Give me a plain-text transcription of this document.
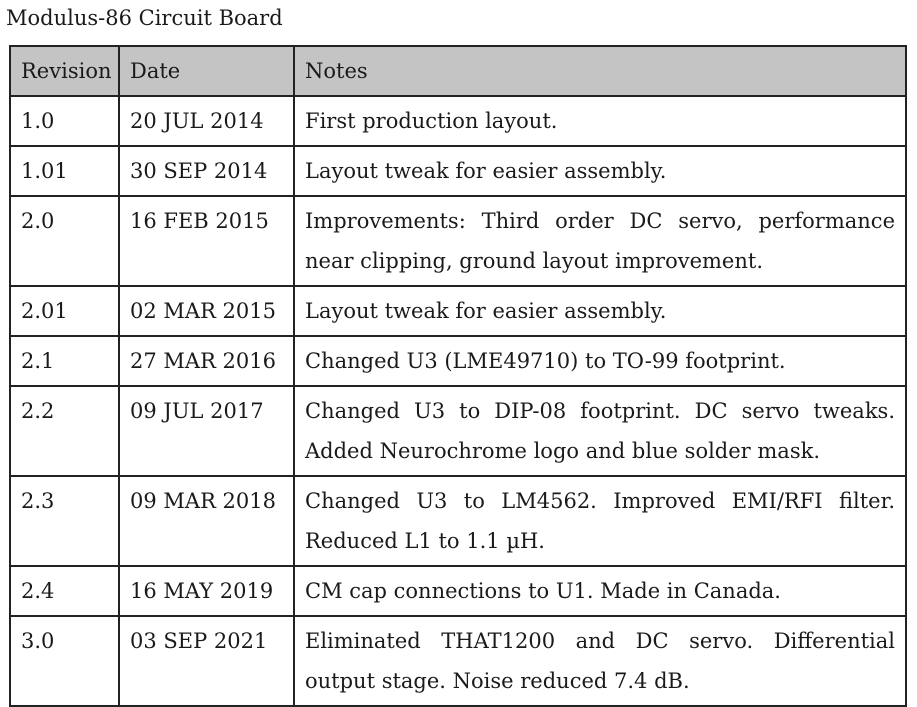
Modulus-86 Circuit Board
Revision	Date	Notes
1.0	20 JUL 2014	First production layout.
1.01	30 SEP 2014	Layout tweak for easier assembly.
2.0	16 FEB 2015	Improvements: Third order DC servo, performance near clipping, ground layout improvement.
2.01	02 MAR 2015	Layout tweak for easier assembly.
2.1	27 MAR 2016	Changed U3 (LME49710) to TO-99 footprint.
2.2	09 JUL 2017	Changed U3 to DIP-08 footprint. DC servo tweaks. Added Neurochrome logo and blue solder mask.
2.3	09 MAR 2018	Changed U3 to LM4562. Improved EMI/RFI filter. Reduced L1 to 1.1 µH.
2.4	16 MAY 2019	CM cap connections to U1. Made in Canada.
3.0	03 SEP 2021	Eliminated THAT1200 and DC servo. Differential output stage. Noise reduced 7.4 dB.
